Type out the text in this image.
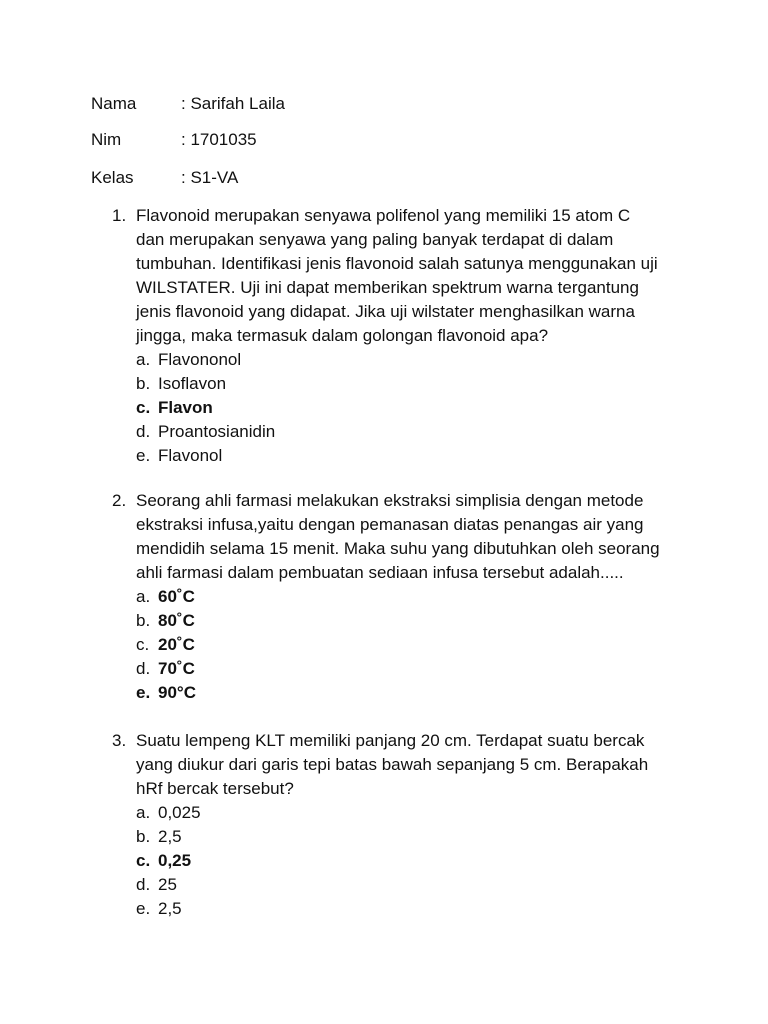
Nama	: Sarifah Laila
Nim	: 1701035
Kelas	: S1-VA
1. Flavonoid merupakan senyawa polifenol yang memiliki 15 atom C
dan merupakan senyawa yang paling banyak terdapat di dalam
tumbuhan. Identifikasi jenis flavonoid salah satunya menggunakan uji
WILSTATER. Uji ini dapat memberikan spektrum warna tergantung
jenis flavonoid yang didapat. Jika uji wilstater menghasilkan warna
jingga, maka termasuk dalam golongan flavonoid apa?
a. Flavononol
b. Isoflavon
c. Flavon
d. Proantosianidin
e. Flavonol
2. Seorang ahli farmasi melakukan ekstraksi simplisia dengan metode
ekstraksi infusa,yaitu dengan pemanasan diatas penangas air yang
mendidih selama 15 menit. Maka suhu yang dibutuhkan oleh seorang
ahli farmasi dalam pembuatan sediaan infusa tersebut adalah.....
a. 60˚C
b. 80˚C
c. 20˚C
d. 70˚C
e. 90°C
3. Suatu lempeng KLT memiliki panjang 20 cm. Terdapat suatu bercak
yang diukur dari garis tepi batas bawah sepanjang 5 cm. Berapakah
hRf bercak tersebut?
a. 0,025
b. 2,5
c. 0,25
d. 25
e. 2,5
